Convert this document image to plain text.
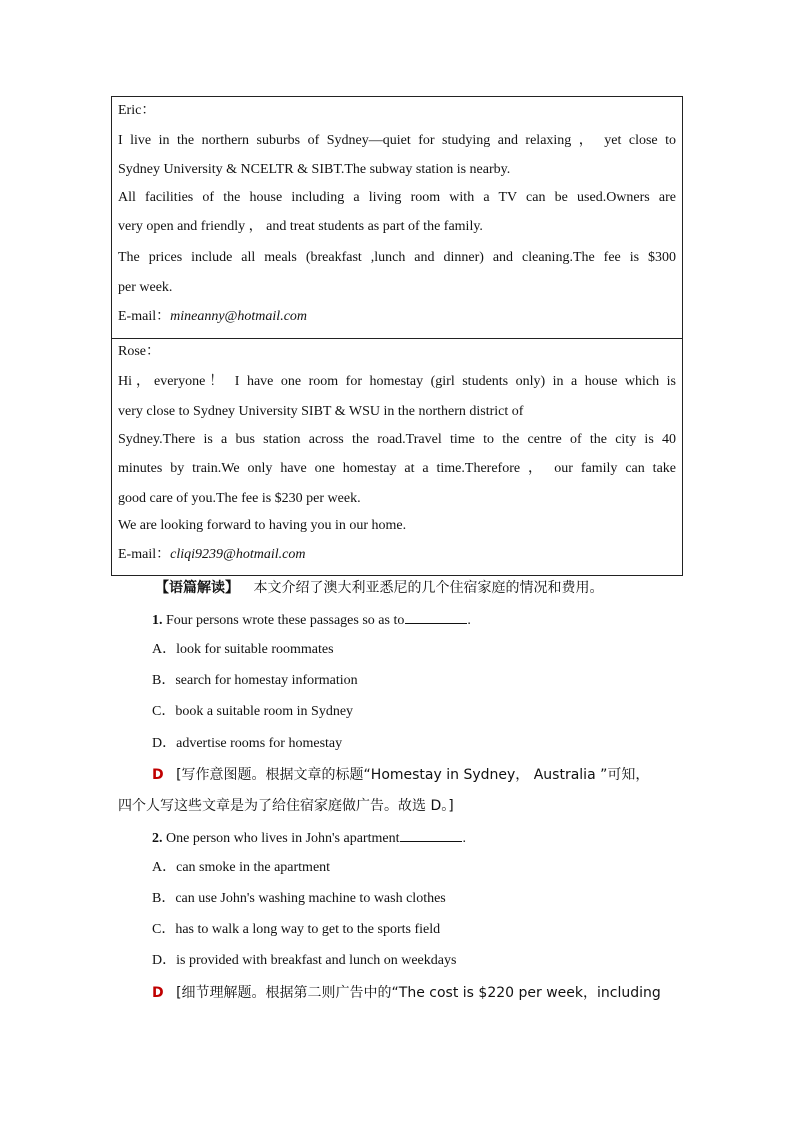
Eric：
I live in the northern suburbs of Sydney—quiet for studying and relaxing ， yet close to
Sydney University & NCELTR & SIBT.The subway station is nearby.
All facilities of the house including a living room with a TV can be used.Owners are
very open and friendly ， and treat students as part of the family.
The prices include all meals (breakfast ,lunch and dinner) and cleaning.The fee is $300
per week.
E-mail：mineanny@hotmail.com
Rose：
Hi，everyone！ I have one room for homestay (girl students only) in a house which is
very close to Sydney University SIBT & WSU in the northern district of
Sydney.There is a bus station across the road.Travel time to the centre of the city is 40
minutes by train.We only have one homestay at a time.Therefore ， our family can take
good care of you.The fee is $230 per week.
We are looking forward to having you in our home.
E-mail：cliqi9239@hotmail.com
【语篇解读】 本文介绍了澳大利亚悉尼的几个住宿家庭的情况和费用。
1. Four persons wrote these passages so as to	.
A．look for suitable roommates
B．search for homestay information
C．book a suitable room in Sydney
D．advertise rooms for homestay
D [写作意图题。根据文章的标题“Homestay in Sydney， Australia ”可知，
四个人写这些文章是为了给住宿家庭做广告。故选 D。]
2. One person who lives in John's apartment	.
A．can smoke in the apartment
B．can use John's washing machine to wash clothes
C．has to walk a long way to get to the sports field
D．is provided with breakfast and lunch on weekdays
D [细节理解题。根据第二则广告中的“The cost is $220 per week，including
